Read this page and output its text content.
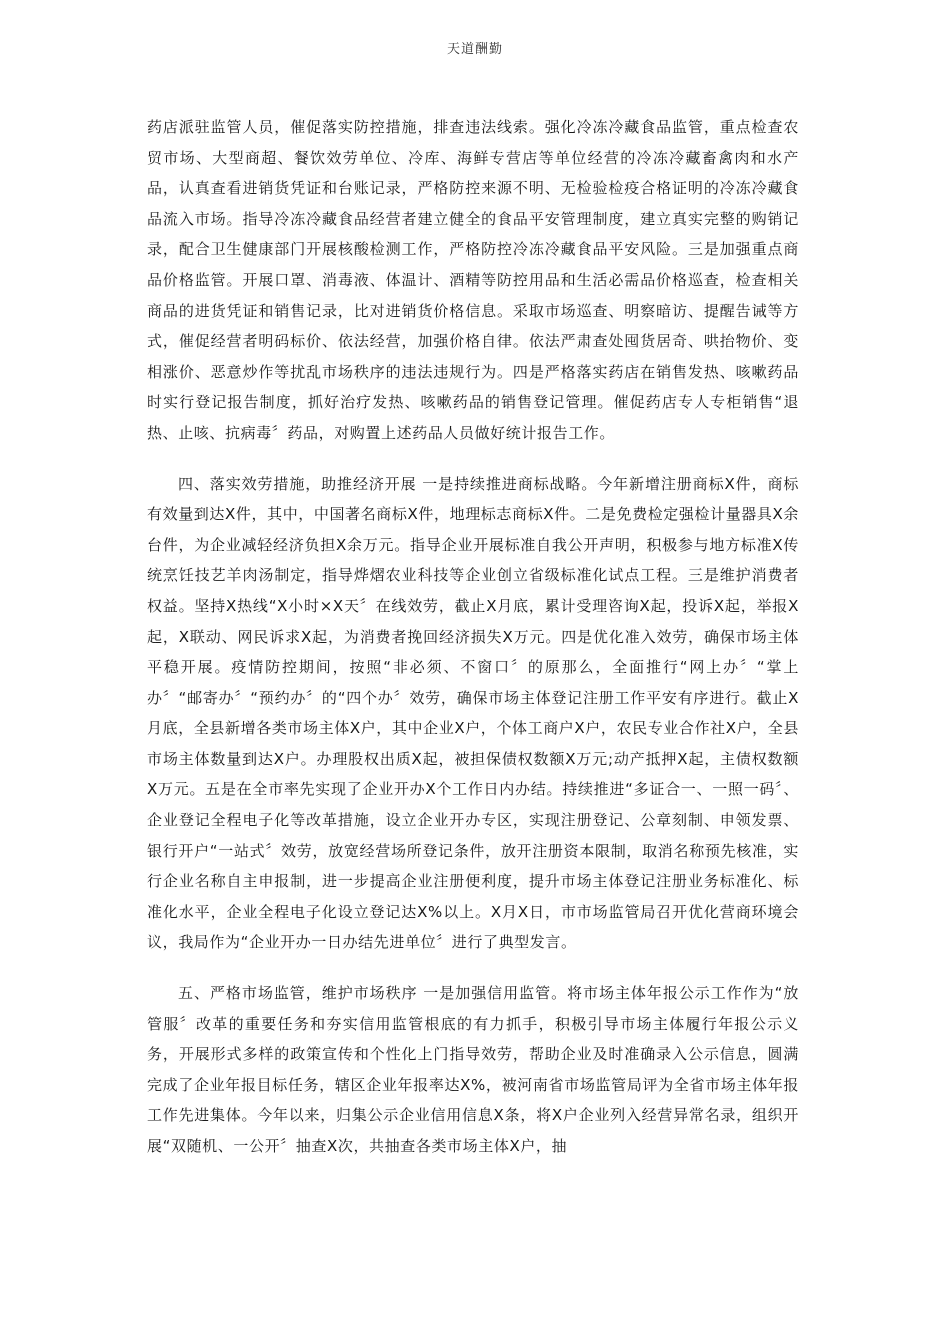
天道酬勤

药店派驻监管人员，催促落实防控措施，排查违法线索。强化冷冻冷藏食品监管，重点检查农贸市场、大型商超、餐饮效劳单位、冷库、海鲜专营店等单位经营的冷冻冷藏畜禽肉和水产品，认真查看进销货凭证和台账记录，严格防控来源不明、无检验检疫合格证明的冷冻冷藏食品流入市场。指导冷冻冷藏食品经营者建立健全的食品平安管理制度，建立真实完整的购销记录，配合卫生健康部门开展核酸检测工作，严格防控冷冻冷藏食品平安风险。三是加强重点商品价格监管。开展口罩、消毒液、体温计、酒精等防控用品和生活必需品价格巡查，检查相关商品的进货凭证和销售记录，比对进销货价格信息。采取市场巡查、明察暗访、提醒告诫等方式，催促经营者明码标价、依法经营，加强价格自律。依法严肃查处囤货居奇、哄抬物价、变相涨价、恶意炒作等扰乱市场秩序的违法违规行为。四是严格落实药店在销售发热、咳嗽药品时实行登记报告制度，抓好治疗发热、咳嗽药品的销售登记管理。催促药店专人专柜销售“退热、止咳、抗病毒〞药品，对购置上述药品人员做好统计报告工作。

四、落实效劳措施，助推经济开展 一是持续推进商标战略。今年新增注册商标X件，商标有效量到达X件，其中，中国著名商标X件，地理标志商标X件。二是免费检定强检计量器具X余台件，为企业减轻经济负担X余万元。指导企业开展标准自我公开声明，积极参与地方标准X传统烹饪技艺羊肉汤制定，指导烨熠农业科技等企业创立省级标准化试点工程。三是维护消费者权益。坚持X热线“X小时×X天〞在线效劳，截止X月底，累计受理咨询X起，投诉X起，举报X起，X联动、网民诉求X起，为消费者挽回经济损失X万元。四是优化准入效劳，确保市场主体平稳开展。疫情防控期间，按照“非必须、不窗口〞的原那么，全面推行“网上办〞“掌上办〞“邮寄办〞“预约办〞的“四个办〞效劳，确保市场主体登记注册工作平安有序进行。截止X月底，全县新增各类市场主体X户，其中企业X户，个体工商户X户，农民专业合作社X户，全县市场主体数量到达X户。办理股权出质X起，被担保债权数额X万元;动产抵押X起，主债权数额X万元。五是在全市率先实现了企业开办X个工作日内办结。持续推进“多证合一、一照一码〞、企业登记全程电子化等改革措施，设立企业开办专区，实现注册登记、公章刻制、申领发票、银行开户“一站式〞效劳，放宽经营场所登记条件，放开注册资本限制，取消名称预先核准，实行企业名称自主申报制，进一步提高企业注册便利度，提升市场主体登记注册业务标准化、标准化水平，企业全程电子化设立登记达X%以上。X月X日，市市场监管局召开优化营商环境会议，我局作为“企业开办一日办结先进单位〞进行了典型发言。

五、严格市场监管，维护市场秩序 一是加强信用监管。将市场主体年报公示工作作为“放管服〞改革的重要任务和夯实信用监管根底的有力抓手，积极引导市场主体履行年报公示义务，开展形式多样的政策宣传和个性化上门指导效劳，帮助企业及时准确录入公示信息，圆满完成了企业年报目标任务，辖区企业年报率达X%，被河南省市场监管局评为全省市场主体年报工作先进集体。今年以来，归集公示企业信用信息X条，将X户企业列入经营异常名录，组织开展“双随机、一公开〞抽查X次，共抽查各类市场主体X户，抽
